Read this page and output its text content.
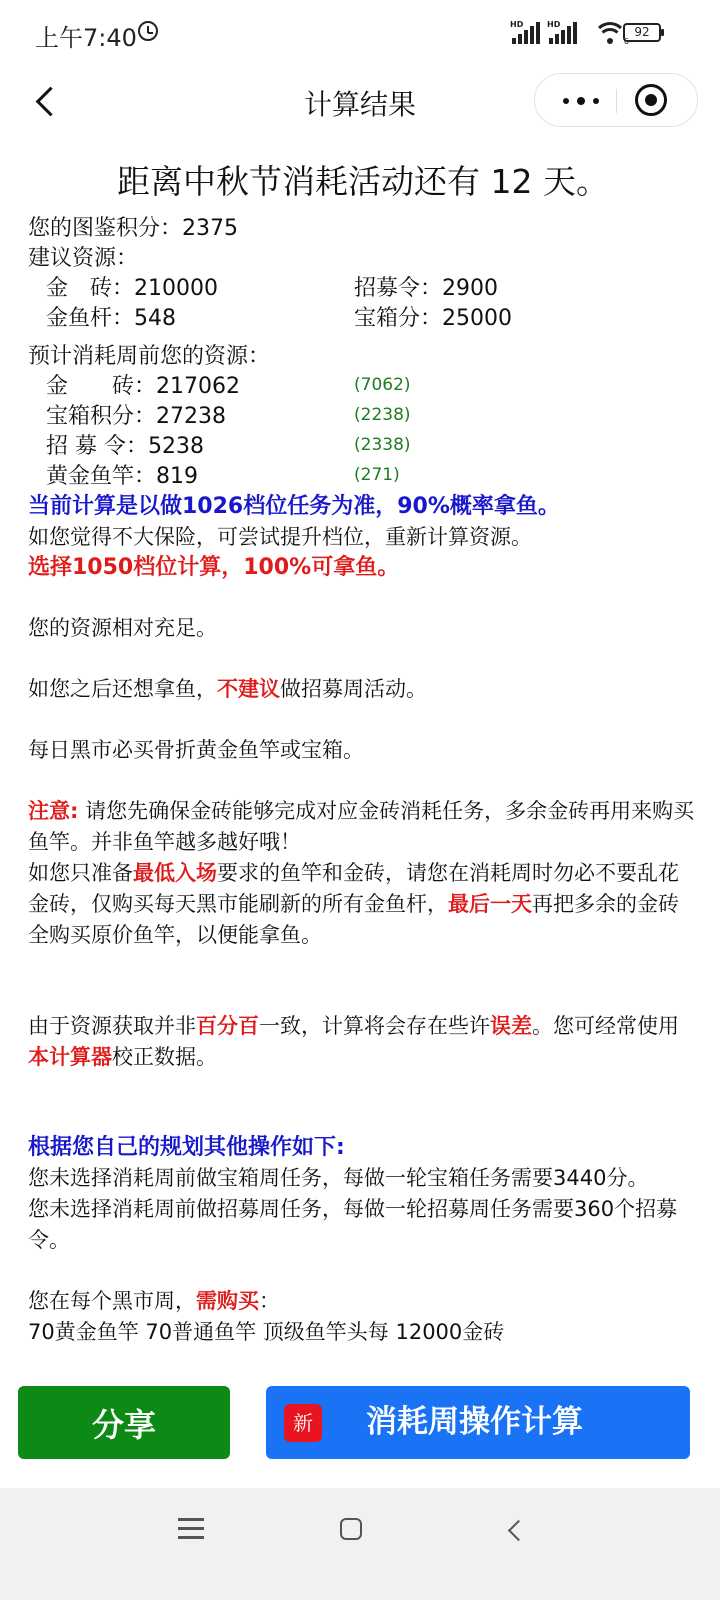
上午7:40	HD	HD
6
92
计算结果

距离中秋节消耗活动还有 12 天。

您的图鉴积分：2375

建议资源：

金　砖：210000	招募令：2900
金鱼杆：548	宝箱分：25000

预计消耗周前您的资源：

金　　砖：217062	(7062)
宝箱积分：27238	(2238)
招 募 令：5238	(2338)
黄金鱼竿：819	(271)

当前计算是以做1026档位任务为准，90%概率拿鱼。

如您觉得不大保险，可尝试提升档位，重新计算资源。

选择1050档位计算，100%可拿鱼。

您的资源相对充足。

如您之后还想拿鱼，不建议做招募周活动。

每日黑市必买骨折黄金鱼竿或宝箱。

注意: 请您先确保金砖能够完成对应金砖消耗任务，多余金砖再用来购买鱼竿。并非鱼竿越多越好哦！

如您只准备最低入场要求的鱼竿和金砖，请您在消耗周时勿必不要乱花金砖，仅购买每天黑市能刷新的所有金鱼杆，最后一天再把多余的金砖全购买原价鱼竿，以便能拿鱼。

由于资源获取并非百分百一致，计算将会存在些许误差。您可经常使用本计算器校正数据。

根据您自己的规划其他操作如下:

您未选择消耗周前做宝箱周任务，每做一轮宝箱任务需要3440分。

您未选择消耗周前做招募周任务，每做一轮招募周任务需要360个招募令。

您在每个黑市周，需购买：

70黄金鱼竿 70普通鱼竿 顶级鱼竿头每 12000金砖

分享	新 消耗周操作计算
